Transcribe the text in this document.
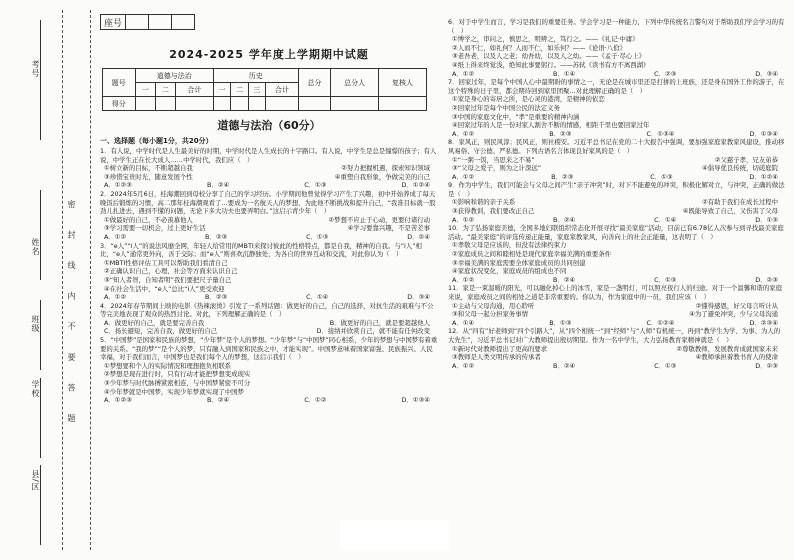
密 封 线 内 不 要 答 题
考号
姓名
班级
学校
县/区
座号			
2024-2025 学年度上学期期中试题
题号	道德与法治			历史				总分	总分人	复核人
	一	二	合计	一	二	三	合计			
得分										
道德与法治（60分）
一、选择题（每小题1分，共20分）

1．有人说，中学时代是人生最美好的时期，中学时代是人生成长的十字路口。有人说，中学生是总是憧憬的孩子；有人说，中学生正在长大成人……中学时代，我们应（　）

①树立新的目标，不断超越自我	②努力把握机遇，探索知识领域
③珍惜宝贵时光，随意发展个性	④重塑自我形象，争做完美的自己
A．①②③	B．②④	C．①③	D．①②④

2．2024年5月6日，桂海潮回到母校分享了自己的学习经历。小学期间他曾觉得学习产生了兴趣，初中开始养成了每天晚饭后锻炼的习惯，高二那年桂海潮观看了…要成为一名航天人的梦想，为此他不断挑战和提升自己，“我准目标就一股劲儿扎进去，遇到不懂的问题，无论下多大功夫也要弄明白。”这启示青少年（　）

①做最好的自己，不必羡慕他人	②梦想不应止于心动，更要付诸行动
③学习需要一切机会，过上更好生活	④学习要靠兴趣，不是苦差事
A．①②	B．②③	C．①③	D．②④

3．“e人”“i人”的说法风靡全网，年轻人给常用的MBTI来探讨彼此的性格特点，都是自我，精神的自我。与“i人”相比，“e人”通常更外向，善于交际；而“e人”则喜欢沉静独处，为各自的世界互动和交流，对此你认为（　）

①MBTI性格评估工具可以帮助我们看清自己
②正确认识自己，心理、社会等方面来认识自己
③“知人者智，自知者明”我们要把尺子量自己
④在社会生活中，“e人”总比“i人”更受欢迎
A．①②	B．②③	C．①④	D．③④

4．2024年春节期间上映的电影《热辣滚烫》引发了一系列话题：做更好的自己，自己的选择，对抗生活的艰难与不公等完美地表现了观众的热烈讨论。对此，下列理解正确的是（　）

A．做更好的自己，就是要完善自我	B．做更好的自己，就是要超越他人
C．扬长避短，完善自我，做更好的自己	D．接纳并欣赏自己，就不能有任何改变

5．“中国梦”是国家和民族的梦想，“少年梦”是个人的梦想。“少年梦”与“中国梦”同心相系，少年的梦想与中国梦有着重要的关系。“我的梦”“是个人的梦，只有融入到国家和民族之中，才能实现”。中国梦意味着国家富强、民族振兴、人民幸福，对于我们而言，中国梦也是我们每个人的梦想，这启示我们（　）

①梦想要和个人的实际情况和理想抱负相联系
②梦想是现在进行时，只有行动才能把梦想变成现实
③少年梦与时代脉搏紧密相连，与中国梦紧密不可分
④少年梦就是中国梦，实现少年梦就实现了中国梦
A．①②③	B．②④	C．①②	D．①③④

6．对于中学生而言，学习是我们的重要任务。学会学习是一种能力，下列中华传统名言警句对于帮助我们学会学习的有（　）

①博学之，审问之，慎思之，明辨之，笃行之。——《礼记·中庸》
②人而不仁，如礼何？人而不仁，如乐何？——《论语·八佾》
③老吾老，以及人之老；幼吾幼，以及人之幼。——《孟子·尽心上》
④纸上得来终觉浅，绝知此事要躬行。——苏轼《读书有方不离西湖》
A．①②	B．①④	C．②③	D．③④

7．回家过年，是每个中国人心中最期盼的事情之一，无论是在城市里还是打拼的上班族，还是身在国外工作的游子，在这个特殊的日子里，都会期待回到家里团聚…对此理解正确的是（　）

①家是身心的寄居之所，是心灵的港湾，是精神的依恋
②回家过年是每个中国公民的法定义务
③中国的家庭文化中，“孝”是重要的精神内涵
④回家过年的人是一份对家人割舍不断的情感，相距千里也要回家过年
A．①②	B．②③	C．①③④	D．①③④

8．家风正，则民风淳；民风正，则社稷安。习近平总书记在党的二十大报告中强调，要加强家庭家教家风建设，推动移风易俗、守公德、严私德。下列古语名言体现良好家风的是（　）

①“一粥一饭，当思来之不易”	②父慈子孝，兄友弟恭
③“父母之爱子，则为之计深远”	④倡导优良传统，切磋庭院
A．①②	B．②③	C．①③	D．①②④

9．作为中学生，我们可能会与父母之间产生“亲子冲突”时，对下不能避免的冲突，积极化解对立，与冲突，正确的做法是（　）

①影响和谐的亲子关系	②有助于我们在成长过程中
③获得教训，我们要改正自己	④既能导致了自己，又伤害了父母
A．①②	B．②④	C．①④	D．①③

10．为了弘扬家庭美德，全国多地妇联组织常态化开展寻找“最美家庭”活动，目前已有6.78亿人次参与到寻找最美家庭活动。“最美家庭”的评选传递正能量，家庭家教家风，向善向上的社会正能量，这表明了（　）

①孝敬父母是应该的，但没有法律约束力
②家庭成员之间和睦相处是现代家庭幸福美满的重要条件
③幸福美满的家庭需要全体家庭成员的共同创建
④家庭状况变化，家庭成员的组成也不同
A．①②	B．②④	C．①③	D．②③

11．家是一束温暖的阳光，可以融化掉心上的冰雪，家是一盏明灯，可以照亮夜行人的归途。对于一个温馨和谐的家庭来说，家庭成员之间的相处之道是非常重要的。你认为，作为家庭中的一员，我们应该（　）

①主动与父母沟通，用心聆听	②懂得感恩，好父母言听计从
③和父母一起分担家务事情	④为了避免冲突，少与父母沟通
A．①④	B．①③	C．①②④	D．②③④

12．从“四有”好老师到“四个引路人”，从“四个相统一”到“经师”与“人师”有机统一，再到“教学生为学、为事、为人的大先生”，习近平总书记对广大教师提出殷切期望。作为一名中学生，大力弘扬教育家精神就是（　）

①新时代对教师提出了更高的要求	②尊敬教师，发展教育成就国家未来
③教师是人类文明传承的传承者	④教师承担着教书育人的使命
A．①②	B．②④	C．①③	D．②③
